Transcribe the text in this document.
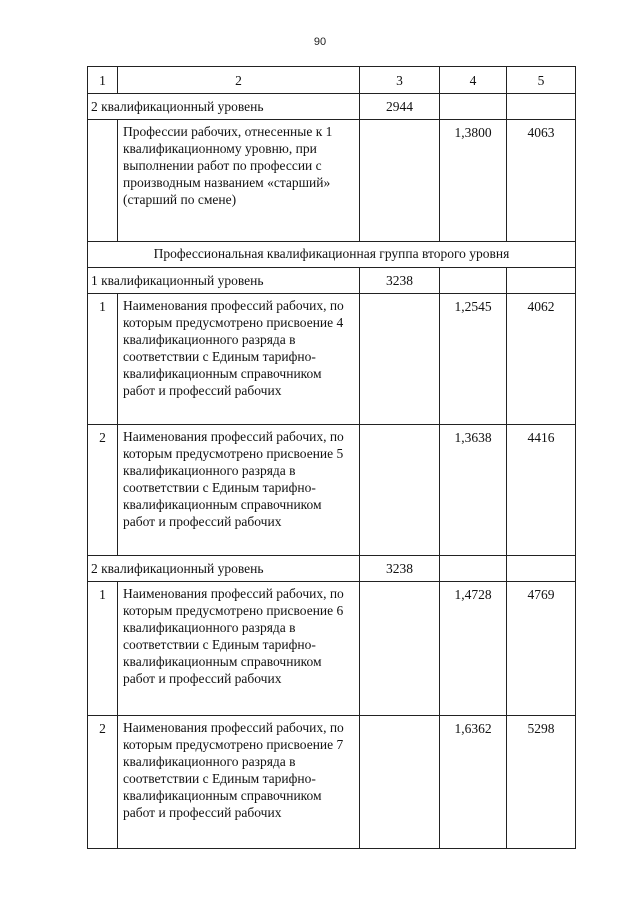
90
1	2	3	4	5
2 квалификационный уровень		2944		
	Профессии рабочих, отнесенные к 1 квалификационному уровню, при выполнении работ по профессии с производным названием «старший» (старший по смене)		1,3800	4063
Профессиональная квалификационная группа второго уровня				
1 квалификационный уровень		3238		
1	Наименования профессий рабочих, по которым предусмотрено присвоение 4 квалификационного разряда в соответствии с Единым тарифно-квалификационным справочником работ и профессий рабочих		1,2545	4062
2	Наименования профессий рабочих, по которым предусмотрено присвоение 5 квалификационного разряда в соответствии с Единым тарифно-квалификационным справочником работ и профессий рабочих		1,3638	4416
2 квалификационный уровень		3238		
1	Наименования профессий рабочих, по которым предусмотрено присвоение 6 квалификационного разряда в соответствии с Единым тарифно-квалификационным справочником работ и профессий рабочих		1,4728	4769
2	Наименования профессий рабочих, по которым предусмотрено присвоение 7 квалификационного разряда в соответствии с Единым тарифно-квалификационным справочником работ и профессий рабочих		1,6362	5298
